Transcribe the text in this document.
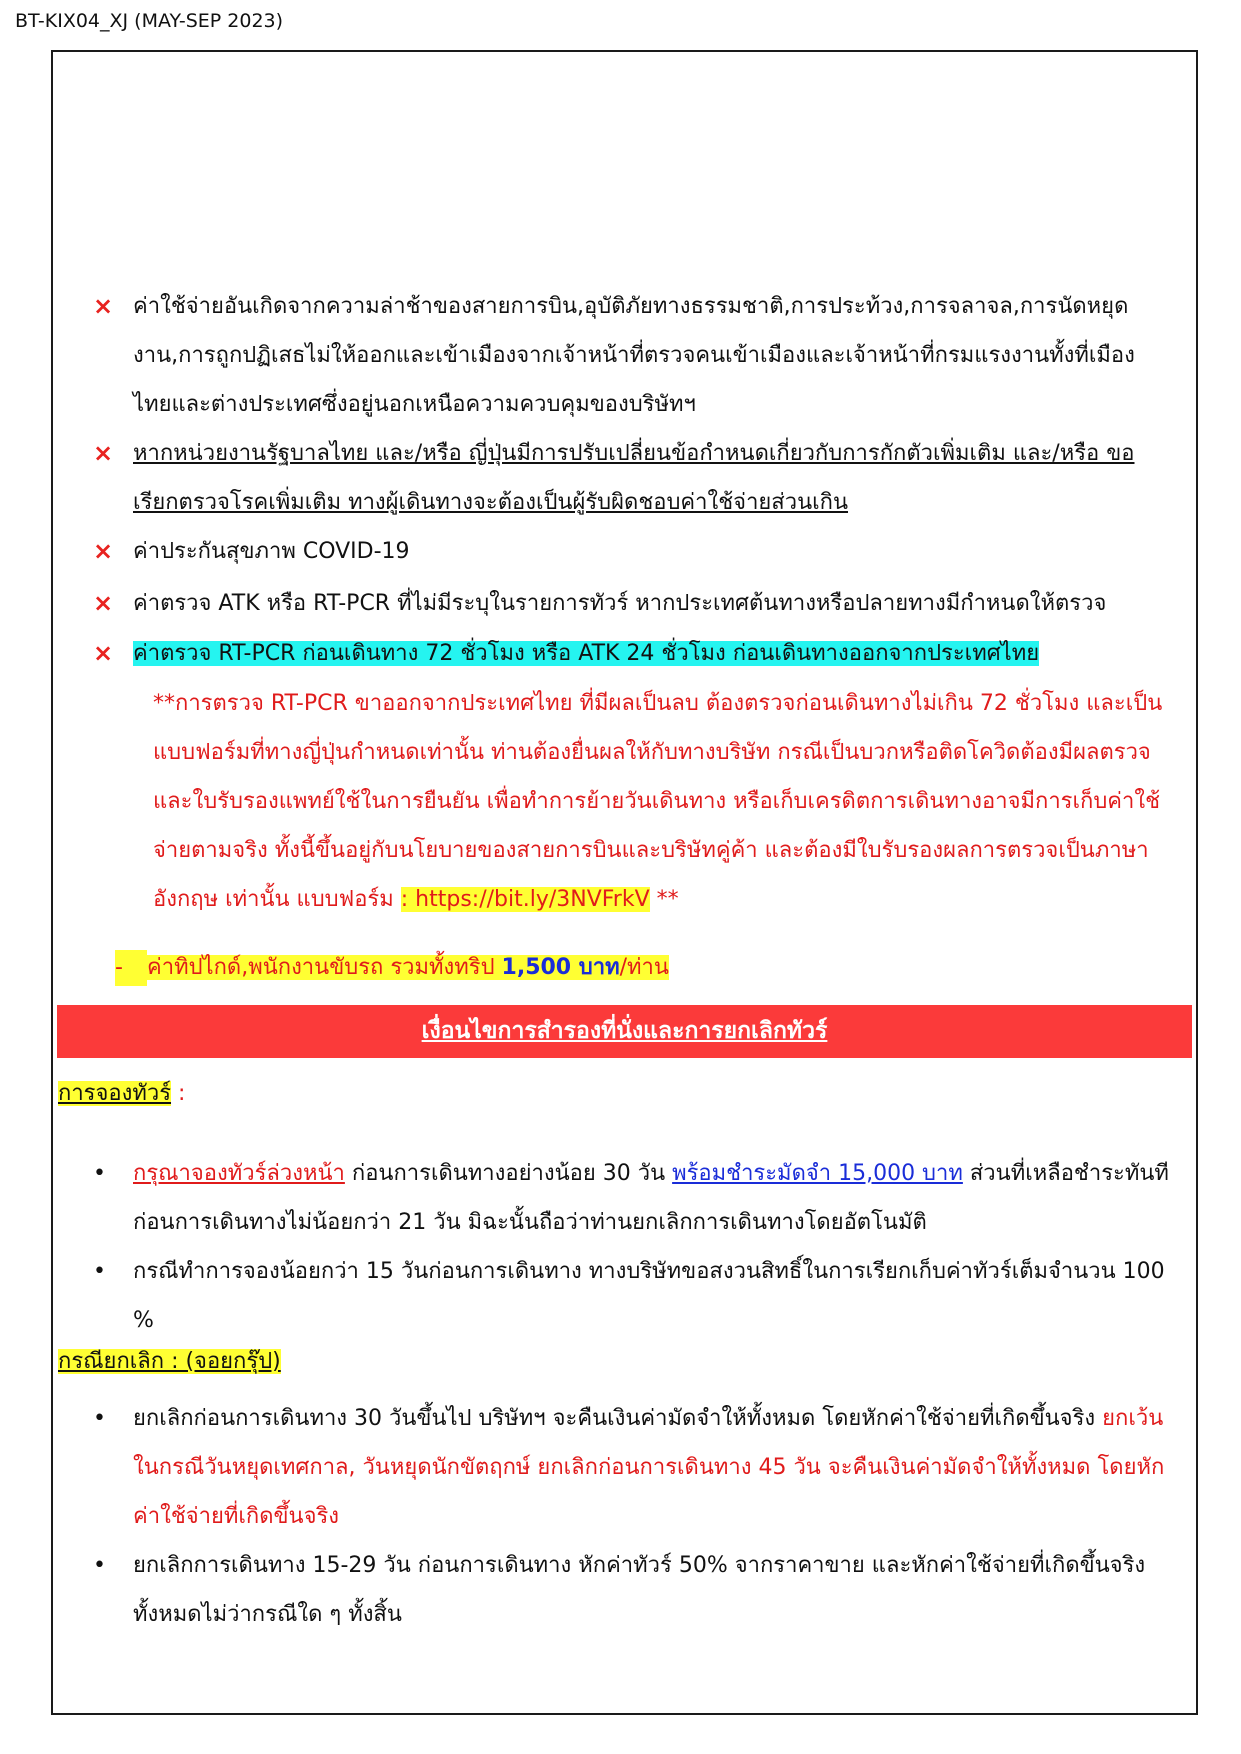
BT-KIX04_XJ (MAY-SEP 2023)
× ค่าใช้จ่ายอันเกิดจากความล่าช้าของสายการบิน,อุบัติภัยทางธรรมชาติ,การประท้วง,การจลาจล,การนัดหยุดงาน,การถูกปฏิเสธไม่ให้ออกและเข้าเมืองจากเจ้าหน้าที่ตรวจคนเข้าเมืองและเจ้าหน้าที่กรมแรงงานทั้งที่เมืองไทยและต่างประเทศซึ่งอยู่นอกเหนือความควบคุมของบริษัทฯ
× หากหน่วยงานรัฐบาลไทย และ/หรือ ญี่ปุ่นมีการปรับเปลี่ยนข้อกำหนดเกี่ยวกับการกักตัวเพิ่มเติม และ/หรือ ขอเรียกตรวจโรคเพิ่มเติม ทางผู้เดินทางจะต้องเป็นผู้รับผิดชอบค่าใช้จ่ายส่วนเกิน
× ค่าประกันสุขภาพ COVID-19
× ค่าตรวจ ATK หรือ RT-PCR ที่ไม่มีระบุในรายการทัวร์ หากประเทศต้นทางหรือปลายทางมีกำหนดให้ตรวจ
× ค่าตรวจ RT-PCR ก่อนเดินทาง 72 ชั่วโมง หรือ ATK 24 ชั่วโมง ก่อนเดินทางออกจากประเทศไทย
**การตรวจ RT-PCR ขาออกจากประเทศไทย ที่มีผลเป็นลบ ต้องตรวจก่อนเดินทางไม่เกิน 72 ชั่วโมง และเป็นแบบฟอร์มที่ทางญี่ปุ่นกำหนดเท่านั้น ท่านต้องยื่นผลให้กับทางบริษัท กรณีเป็นบวกหรือติดโควิดต้องมีผลตรวจและใบรับรองแพทย์ใช้ในการยืนยัน เพื่อทำการย้ายวันเดินทาง หรือเก็บเครดิตการเดินทางอาจมีการเก็บค่าใช้จ่ายตามจริง ทั้งนี้ขึ้นอยู่กับนโยบายของสายการบินและบริษัทคู่ค้า และต้องมีใบรับรองผลการตรวจเป็นภาษาอังกฤษ เท่านั้น แบบฟอร์ม : https://bit.ly/3NVFrkV **
- ค่าทิปไกด์,พนักงานขับรถ รวมทั้งทริป 1,500 บาท/ท่าน
เงื่อนไขการสำรองที่นั่งและการยกเลิกทัวร์
การจองทัวร์ :
•	กรุณาจองทัวร์ล่วงหน้า ก่อนการเดินทางอย่างน้อย 30 วัน พร้อมชำระมัดจำ 15,000 บาท ส่วนที่เหลือชำระทันทีก่อนการเดินทางไม่น้อยกว่า 21 วัน มิฉะนั้นถือว่าท่านยกเลิกการเดินทางโดยอัตโนมัติ
•	กรณีทำการจองน้อยกว่า 15 วันก่อนการเดินทาง ทางบริษัทขอสงวนสิทธิ์ในการเรียกเก็บค่าทัวร์เต็มจำนวน 100 %
กรณียกเลิก : (จอยกรุ๊ป)
•	ยกเลิกก่อนการเดินทาง 30 วันขึ้นไป บริษัทฯ จะคืนเงินค่ามัดจำให้ทั้งหมด โดยหักค่าใช้จ่ายที่เกิดขึ้นจริง ยกเว้นในกรณีวันหยุดเทศกาล, วันหยุดนักขัตฤกษ์ ยกเลิกก่อนการเดินทาง 45 วัน จะคืนเงินค่ามัดจำให้ทั้งหมด โดยหักค่าใช้จ่ายที่เกิดขึ้นจริง
•	ยกเลิกการเดินทาง 15-29 วัน ก่อนการเดินทาง หักค่าทัวร์ 50% จากราคาขาย และหักค่าใช้จ่ายที่เกิดขึ้นจริงทั้งหมดไม่ว่ากรณีใด ๆ ทั้งสิ้น
